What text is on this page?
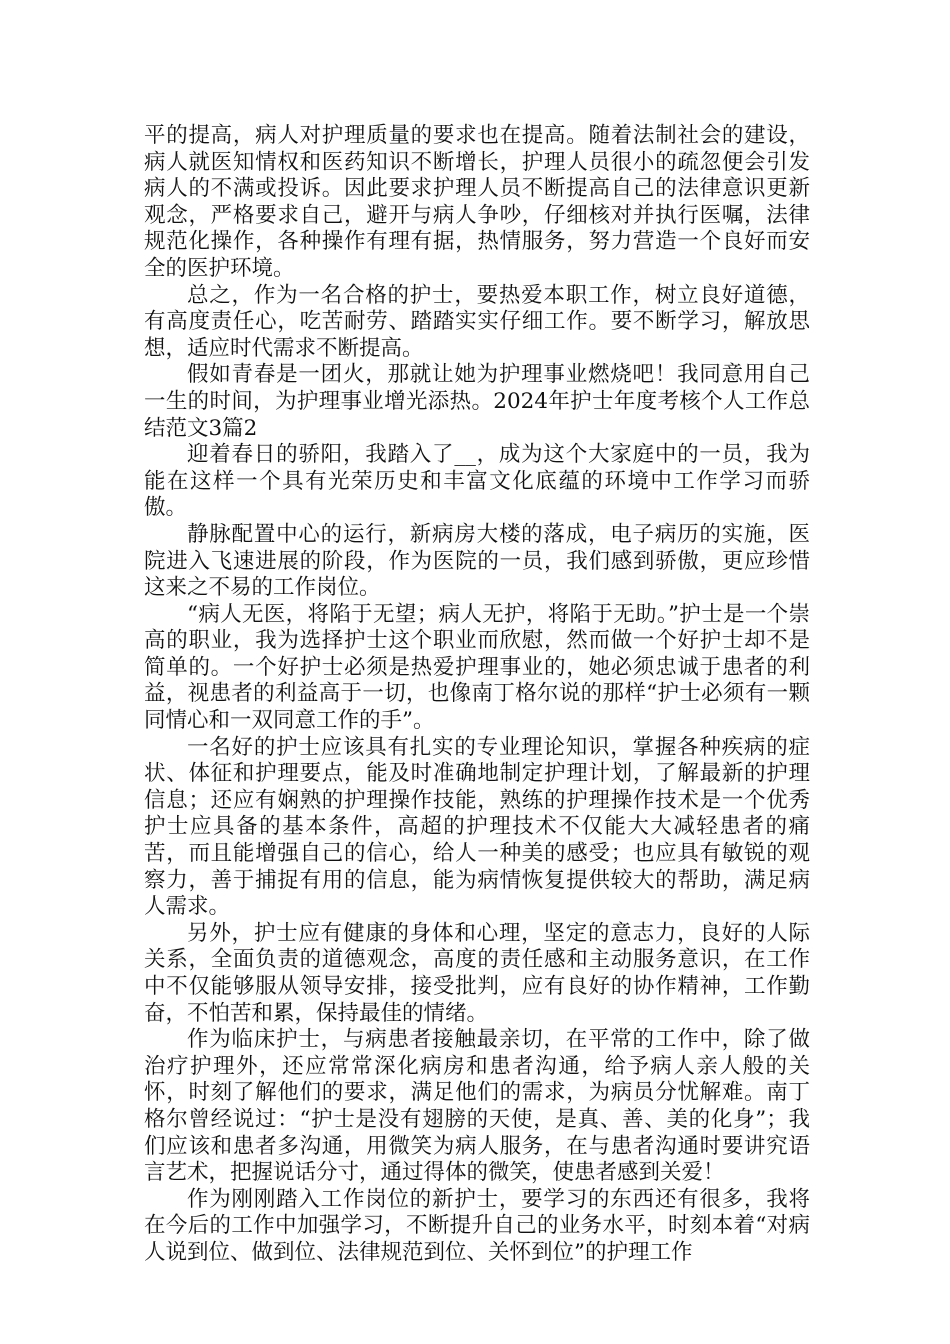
平的提高，病人对护理质量的要求也在提高。随着法制社会的建设，病人就医知情权和医药知识不断增长，护理人员很小的疏忽便会引发病人的不满或投诉。因此要求护理人员不断提高自己的法律意识更新观念，严格要求自己，避开与病人争吵，仔细核对并执行医嘱，法律规范化操作，各种操作有理有据，热情服务，努力营造一个良好而安全的医护环境。

总之，作为一名合格的护士，要热爱本职工作，树立良好道德，有高度责任心，吃苦耐劳、踏踏实实仔细工作。要不断学习，解放思想，适应时代需求不断提高。

假如青春是一团火，那就让她为护理事业燃烧吧！我同意用自己一生的时间，为护理事业增光添热。2024年护士年度考核个人工作总结范文3篇2

迎着春日的骄阳，我踏入了__，成为这个大家庭中的一员，我为能在这样一个具有光荣历史和丰富文化底蕴的环境中工作学习而骄傲。

静脉配置中心的运行，新病房大楼的落成，电子病历的实施，医院进入飞速进展的阶段，作为医院的一员，我们感到骄傲，更应珍惜这来之不易的工作岗位。

“病人无医，将陷于无望；病人无护，将陷于无助。”护士是一个崇高的职业，我为选择护士这个职业而欣慰，然而做一个好护士却不是简单的。一个好护士必须是热爱护理事业的，她必须忠诚于患者的利益，视患者的利益高于一切，也像南丁格尔说的那样“护士必须有一颗同情心和一双同意工作的手”。

一名好的护士应该具有扎实的专业理论知识，掌握各种疾病的症状、体征和护理要点，能及时准确地制定护理计划，了解最新的护理信息；还应有娴熟的护理操作技能，熟练的护理操作技术是一个优秀护士应具备的基本条件，高超的护理技术不仅能大大减轻患者的痛苦，而且能增强自己的信心，给人一种美的感受；也应具有敏锐的观察力，善于捕捉有用的信息，能为病情恢复提供较大的帮助，满足病人需求。

另外，护士应有健康的身体和心理，坚定的意志力，良好的人际关系，全面负责的道德观念，高度的责任感和主动服务意识，在工作中不仅能够服从领导安排，接受批判，应有良好的协作精神，工作勤奋，不怕苦和累，保持最佳的情绪。

作为临床护士，与病患者接触最亲切，在平常的工作中，除了做治疗护理外，还应常常深化病房和患者沟通，给予病人亲人般的关怀，时刻了解他们的要求，满足他们的需求，为病员分忧解难。南丁格尔曾经说过：“护士是没有翅膀的天使，是真、善、美的化身”；我们应该和患者多沟通，用微笑为病人服务，在与患者沟通时要讲究语言艺术，把握说话分寸，通过得体的微笑，使患者感到关爱！

作为刚刚踏入工作岗位的新护士，要学习的东西还有很多，我将在今后的工作中加强学习，不断提升自己的业务水平，时刻本着“对病人说到位、做到位、法律规范到位、关怀到位”的护理工作
